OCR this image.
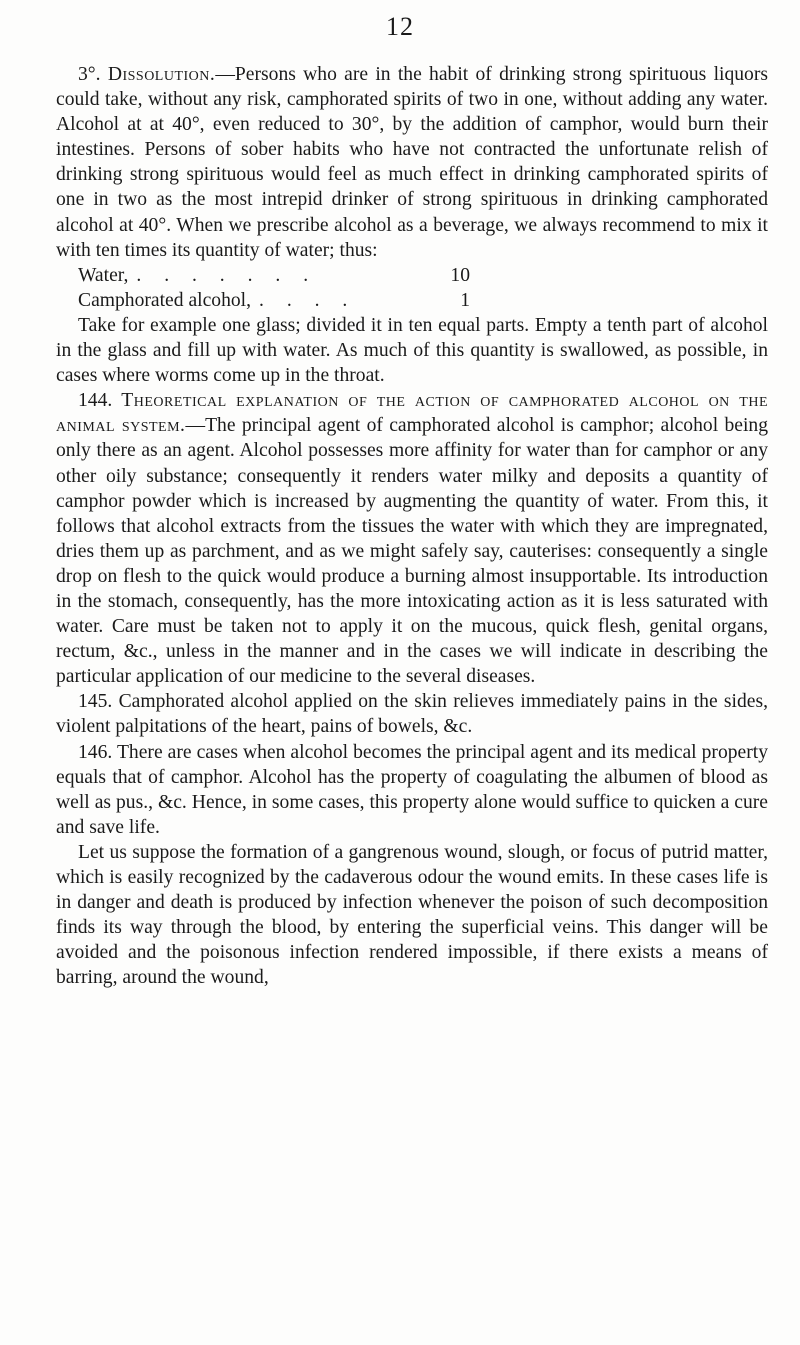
12

3°. Dissolution.—Persons who are in the habit of drinking strong spirituous liquors could take, without any risk, camphorated spirits of two in one, without adding any water. Alcohol at at 40°, even reduced to 30°, by the addition of camphor, would burn their intestines. Persons of sober habits who have not contracted the unfortunate relish of drinking strong spirituous would feel as much effect in drinking camphorated spirits of one in two as the most intrepid drinker of strong spirituous in drinking camphorated alcohol at 40°. When we prescribe alcohol as a beverage, we always recommend to mix it with ten times its quantity of water; thus:

Water, . . . . . . .	10
Camphorated alcohol, . . . .	1

Take for example one glass; divided it in ten equal parts. Empty a tenth part of alcohol in the glass and fill up with water. As much of this quantity is swallowed, as possible, in cases where worms come up in the throat.

144. Theoretical explanation of the action of camphorated alcohol on the animal system.—The principal agent of camphorated alcohol is camphor; alcohol being only there as an agent. Alcohol possesses more affinity for water than for camphor or any other oily substance; consequently it renders water milky and deposits a quantity of camphor powder which is increased by augmenting the quantity of water. From this, it follows that alcohol extracts from the tissues the water with which they are impregnated, dries them up as parchment, and as we might safely say, cauterises: consequently a single drop on flesh to the quick would produce a burning almost insupportable. Its introduction in the stomach, consequently, has the more intoxicating action as it is less saturated with water. Care must be taken not to apply it on the mucous, quick flesh, genital organs, rectum, &c., unless in the manner and in the cases we will indicate in describing the particular application of our medicine to the several diseases.

145. Camphorated alcohol applied on the skin relieves immediately pains in the sides, violent palpitations of the heart, pains of bowels, &c.

146. There are cases when alcohol becomes the principal agent and its medical property equals that of camphor. Alcohol has the property of coagulating the albumen of blood as well as pus., &c. Hence, in some cases, this property alone would suffice to quicken a cure and save life.

Let us suppose the formation of a gangrenous wound, slough, or focus of putrid matter, which is easily recognized by the cadaverous odour the wound emits. In these cases life is in danger and death is produced by infection whenever the poison of such decomposition finds its way through the blood, by entering the superficial veins. This danger will be avoided and the poisonous infection rendered impossible, if there exists a means of barring, around the wound,
